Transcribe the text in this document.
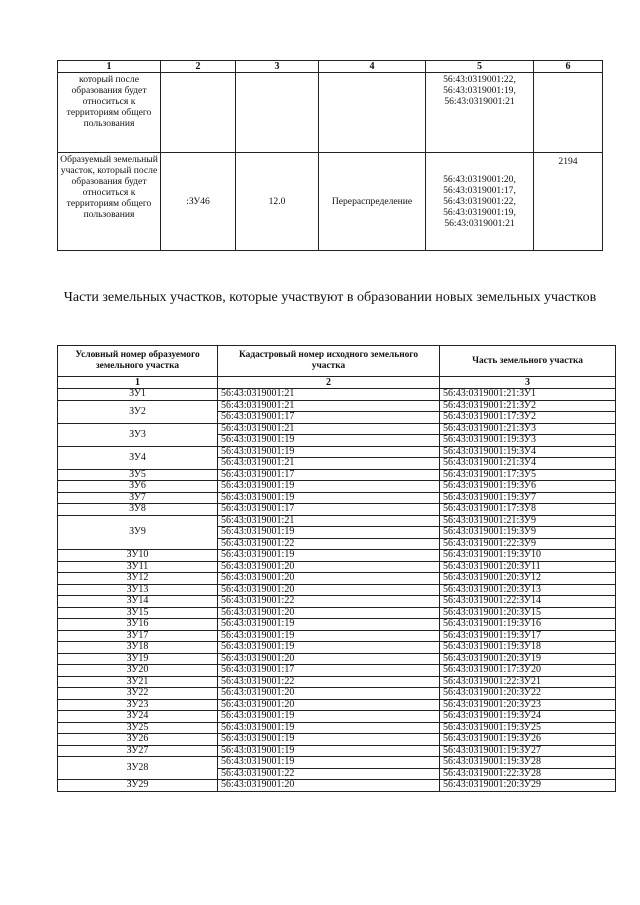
1	2	3	4	5	6
который после образования будет относиться к территориям общего пользования				56:43:0319001:22,
56:43:0319001:19,
56:43:0319001:21	

Образуемый земельный участок, который после образования будет относиться к территориям общего пользования	:ЗУ46	12.0	Перераспределение	56:43:0319001:20,
56:43:0319001:17,
56:43:0319001:22,
56:43:0319001:19,
56:43:0319001:21	2194
Части земельных участков, которые участвуют в образовании новых земельных участков
Условный номер образуемого земельного участка	Кадастровый номер исходного земельного участка	Часть земельного участка
1	2	3
ЗУ1	56:43:0319001:21	56:43:0319001:21:ЗУ1
ЗУ2	56:43:0319001:21	56:43:0319001:21:ЗУ2
	56:43:0319001:17	56:43:0319001:17:ЗУ2
ЗУ3	56:43:0319001:21	56:43:0319001:21:ЗУ3
	56:43:0319001:19	56:43:0319001:19:ЗУ3
ЗУ4	56:43:0319001:19	56:43:0319001:19:ЗУ4
	56:43:0319001:21	56:43:0319001:21:ЗУ4
ЗУ5	56:43:0319001:17	56:43:0319001:17:ЗУ5
ЗУ6	56:43:0319001:19	56:43:0319001:19:ЗУ6
ЗУ7	56:43:0319001:19	56:43:0319001:19:ЗУ7
ЗУ8	56:43:0319001:17	56:43:0319001:17:ЗУ8
ЗУ9	56:43:0319001:21	56:43:0319001:21:ЗУ9
	56:43:0319001:19	56:43:0319001:19:ЗУ9
	56:43:0319001:22	56:43:0319001:22:ЗУ9
ЗУ10	56:43:0319001:19	56:43:0319001:19:ЗУ10
ЗУ11	56:43:0319001:20	56:43:0319001:20:ЗУ11
ЗУ12	56:43:0319001:20	56:43:0319001:20:ЗУ12
ЗУ13	56:43:0319001:20	56:43:0319001:20:ЗУ13
ЗУ14	56:43:0319001:22	56:43:0319001:22:ЗУ14
ЗУ15	56:43:0319001:20	56:43:0319001:20:ЗУ15
ЗУ16	56:43:0319001:19	56:43:0319001:19:ЗУ16
ЗУ17	56:43:0319001:19	56:43:0319001:19:ЗУ17
ЗУ18	56:43:0319001:19	56:43:0319001:19:ЗУ18
ЗУ19	56:43:0319001:20	56:43:0319001:20:ЗУ19
ЗУ20	56:43:0319001:17	56:43:0319001:17:ЗУ20
ЗУ21	56:43:0319001:22	56:43:0319001:22:ЗУ21
ЗУ22	56:43:0319001:20	56:43:0319001:20:ЗУ22
ЗУ23	56:43:0319001:20	56:43:0319001:20:ЗУ23
ЗУ24	56:43:0319001:19	56:43:0319001:19:ЗУ24
ЗУ25	56:43:0319001:19	56:43:0319001:19:ЗУ25
ЗУ26	56:43:0319001:19	56:43:0319001:19:ЗУ26
ЗУ27	56:43:0319001:19	56:43:0319001:19:ЗУ27
ЗУ28	56:43:0319001:19	56:43:0319001:19:ЗУ28
	56:43:0319001:22	56:43:0319001:22:ЗУ28
ЗУ29	56:43:0319001:20	56:43:0319001:20:ЗУ29
